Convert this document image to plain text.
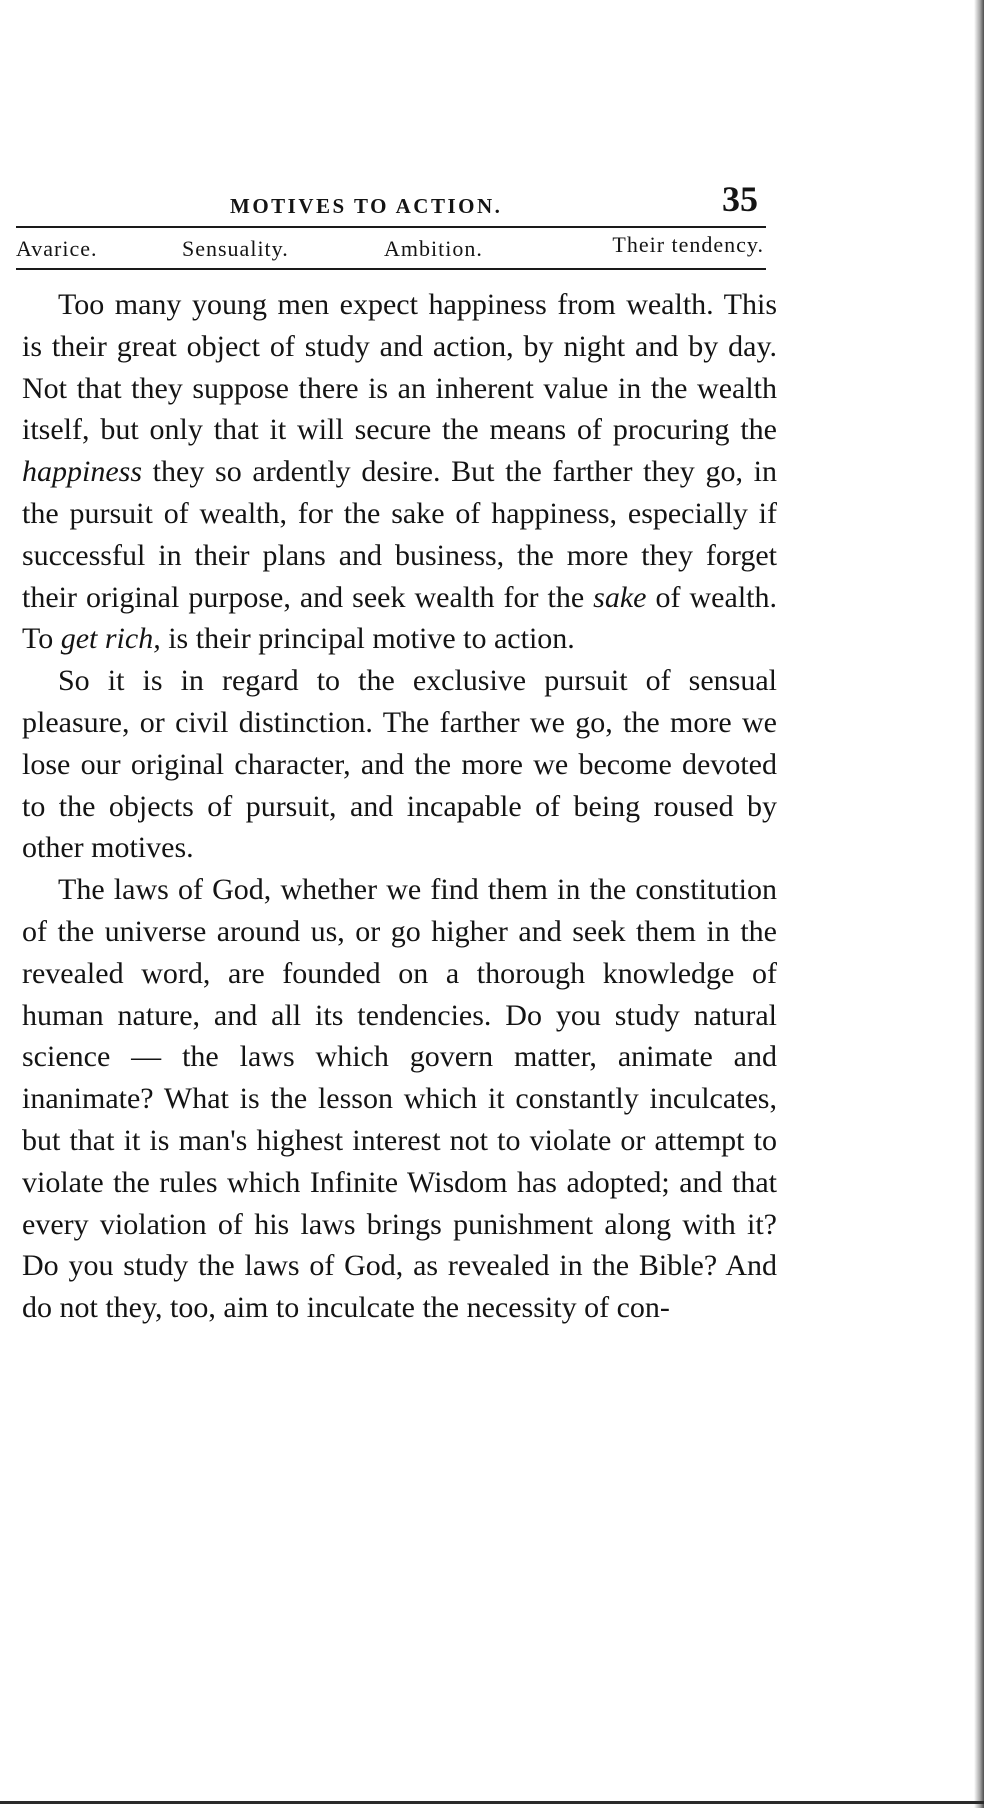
MOTIVES TO ACTION.	35
Avarice.	Sensuality.	Ambition.	Their tendency.

Too many young men expect happiness from wealth. This is their great object of study and action, by night and by day. Not that they suppose there is an inherent value in the wealth itself, but only that it will secure the means of procuring the happiness they so ardently desire. But the farther they go, in the pursuit of wealth, for the sake of happiness, especially if successful in their plans and business, the more they forget their original purpose, and seek wealth for the sake of wealth. To get rich, is their principal motive to action.

So it is in regard to the exclusive pursuit of sensual pleasure, or civil distinction. The farther we go, the more we lose our original character, and the more we become devoted to the objects of pursuit, and incapable of being roused by other motives.

The laws of God, whether we find them in the constitution of the universe around us, or go higher and seek them in the revealed word, are founded on a thorough knowledge of human nature, and all its tendencies. Do you study natural science — the laws which govern matter, animate and inanimate? What is the lesson which it constantly inculcates, but that it is man's highest interest not to violate or attempt to violate the rules which Infinite Wisdom has adopted; and that every violation of his laws brings punishment along with it? Do you study the laws of God, as revealed in the Bible? And do not they, too, aim to inculcate the necessity of con-
